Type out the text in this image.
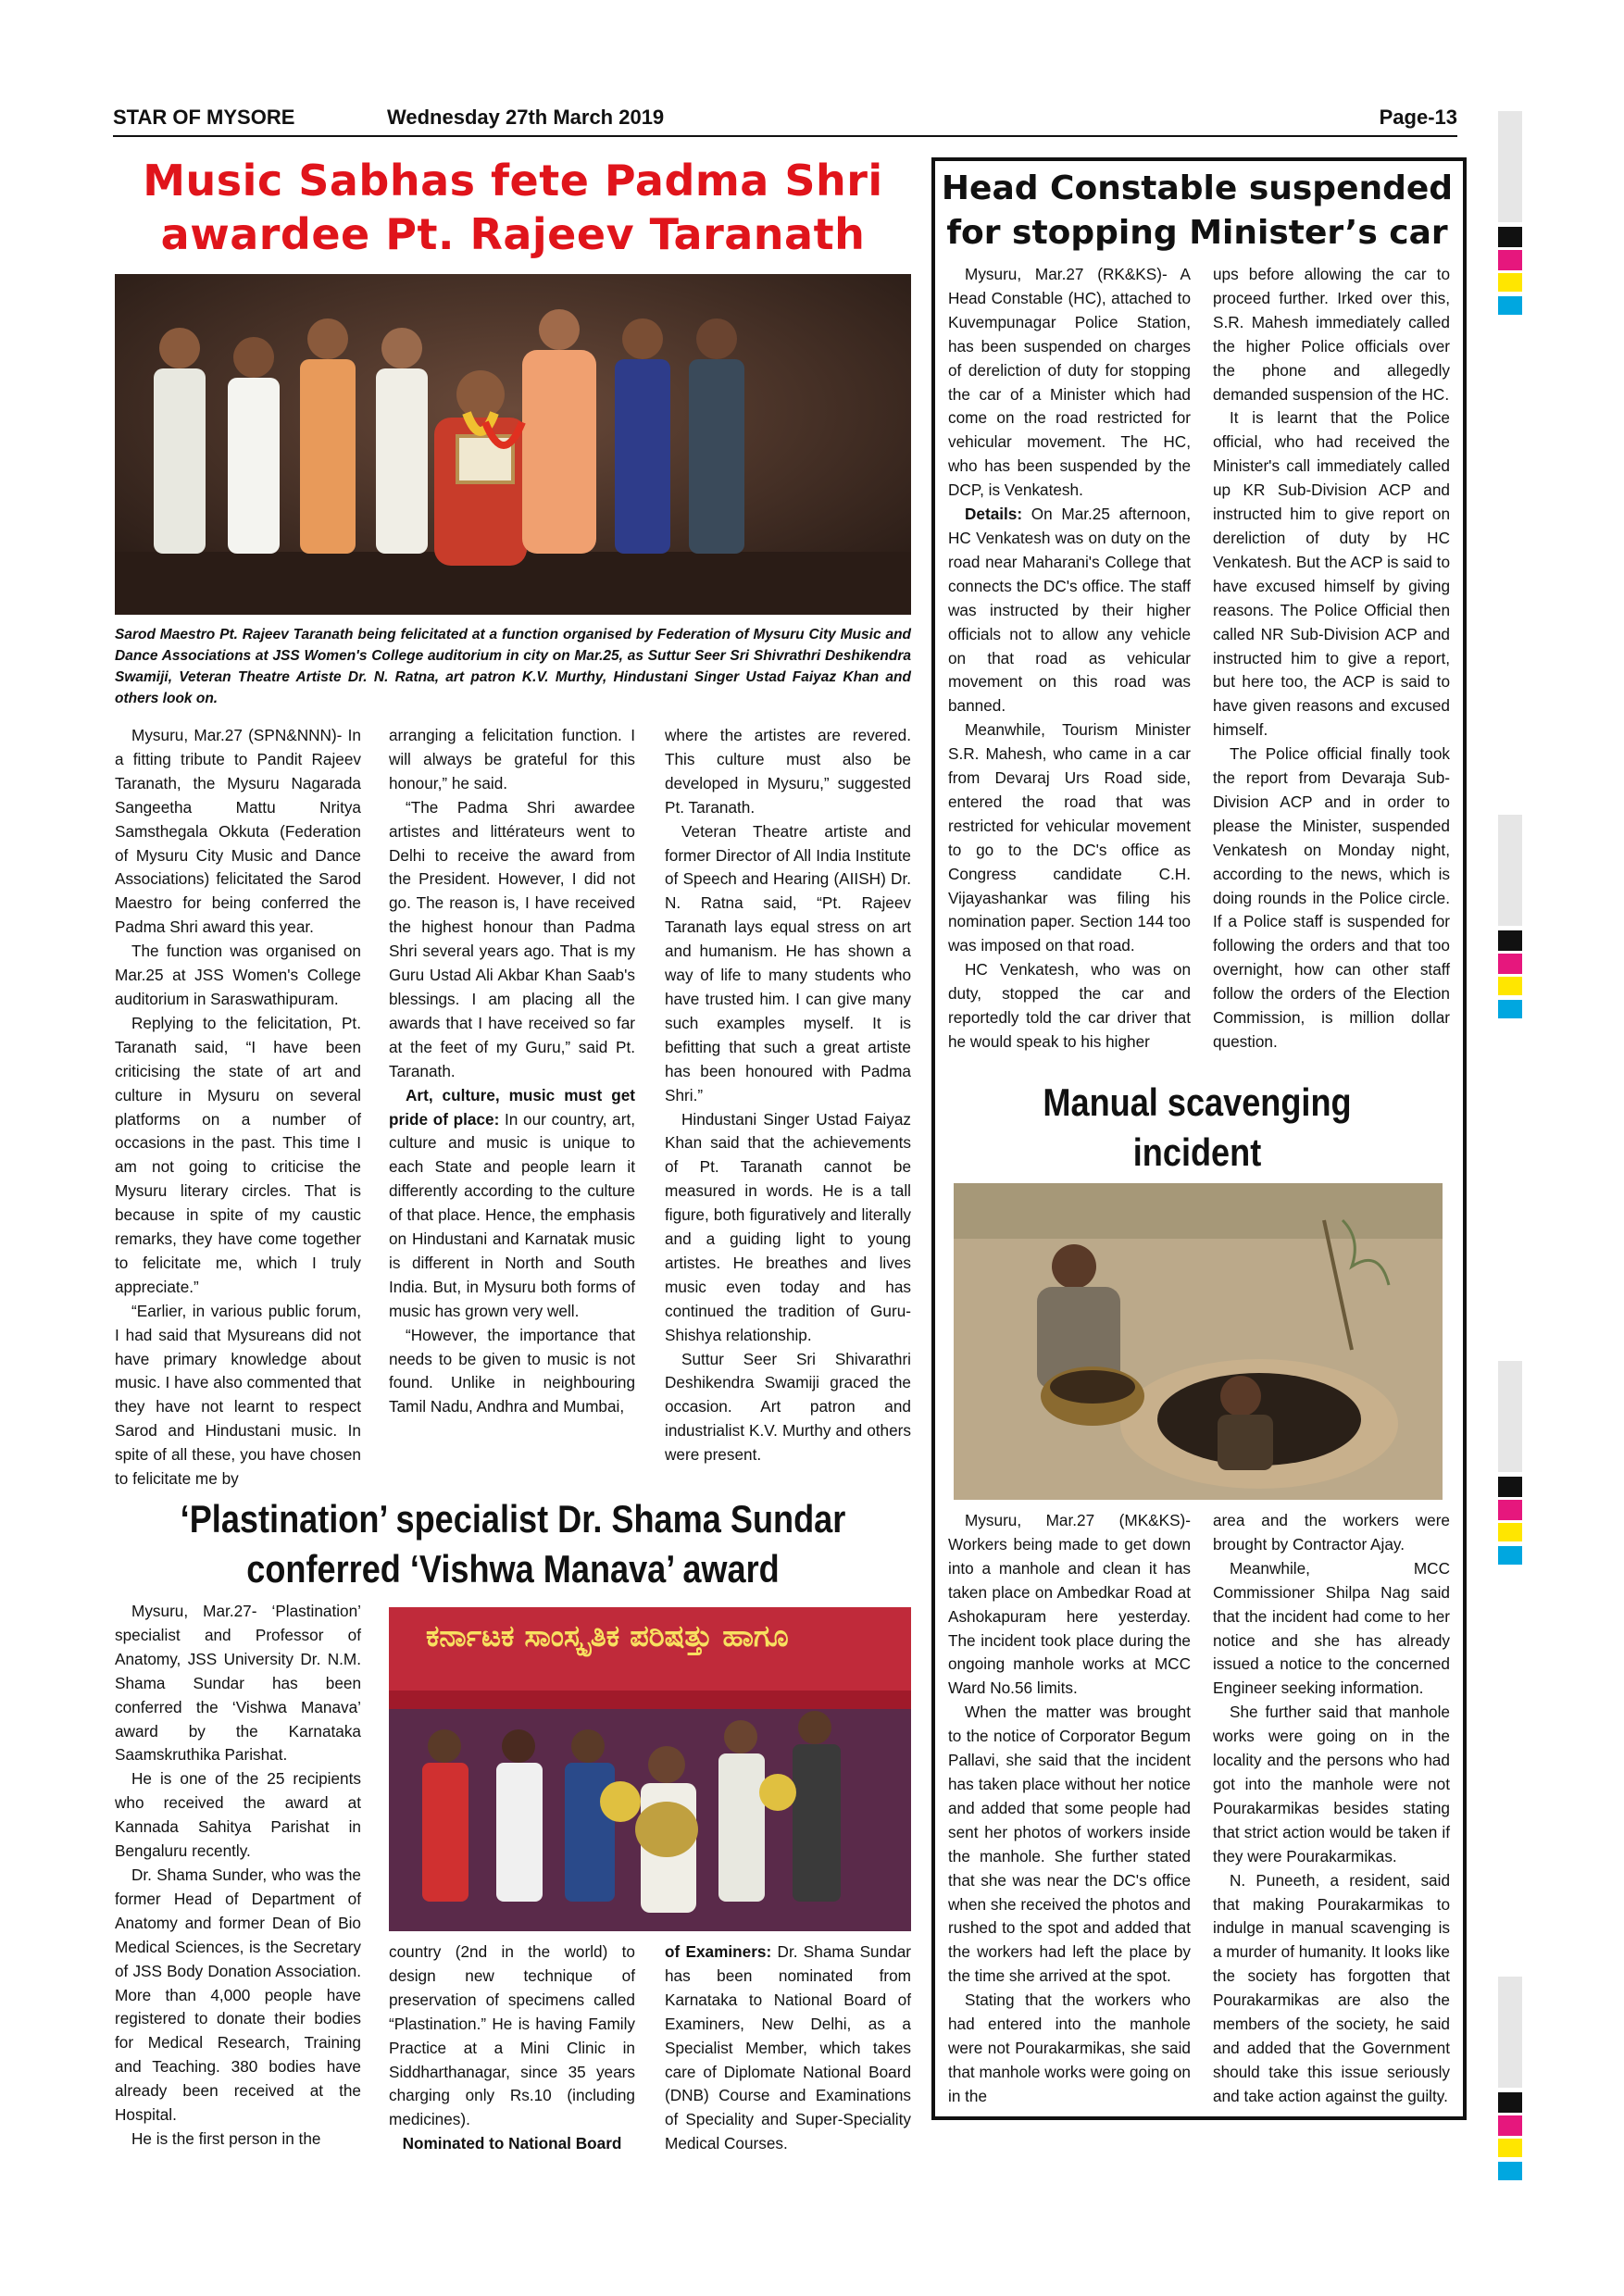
STAR OF MYSORE	Wednesday 27th March 2019	Page-13
Music Sabhas fete Padma Shri
awardee Pt. Rajeev Taranath
Sarod Maestro Pt. Rajeev Taranath being felicitated at a function organised by Federation of Mysuru City Music and Dance Associations at JSS Women's College auditorium in city on Mar.25, as Suttur Seer Sri Shivrathri Deshikendra Swamiji, Veteran Theatre Artiste Dr. N. Ratna, art patron K.V. Murthy, Hindustani Singer Ustad Faiyaz Khan and others look on.

Mysuru, Mar.27 (SPN&NNN)- In a fitting tribute to Pandit Rajeev Taranath, the Mysuru Nagarada Sangeetha Mattu Nritya Samsthegala Okkuta (Federation of Mysuru City Music and Dance Associations) felicitated the Sarod Maestro for being conferred the Padma Shri award this year.

The function was organised on Mar.25 at JSS Women's College auditorium in Saraswathipuram.

Replying to the felicitation, Pt. Taranath said, “I have been criticising the state of art and culture in Mysuru on several platforms on a number of occasions in the past. This time I am not going to criticise the Mysuru literary circles. That is because in spite of my caustic remarks, they have come together to felicitate me, which I truly appreciate.”

“Earlier, in various public forum, I had said that Mysureans did not have primary knowledge about music. I have also commented that they have not learnt to respect Sarod and Hindustani music. In spite of all these, you have chosen to felicitate me by

arranging a felicitation function. I will always be grateful for this honour,” he said.

“The Padma Shri awardee artistes and littérateurs went to Delhi to receive the award from the President. However, I did not go. The reason is, I have received the highest honour than Padma Shri several years ago. That is my Guru Ustad Ali Akbar Khan Saab's blessings. I am placing all the awards that I have received so far at the feet of my Guru,” said Pt. Taranath.

Art, culture, music must get pride of place: In our country, art, culture and music is unique to each State and people learn it differently according to the culture of that place. Hence, the emphasis on Hindustani and Karnatak music is different in North and South India. But, in Mysuru both forms of music has grown very well.

“However, the importance that needs to be given to music is not found. Unlike in neighbouring Tamil Nadu, Andhra and Mumbai,

where the artistes are revered. This culture must also be developed in Mysuru,” suggested Pt. Taranath.

Veteran Theatre artiste and former Director of All India Institute of Speech and Hearing (AIISH) Dr. N. Ratna said, “Pt. Rajeev Taranath lays equal stress on art and humanism. He has shown a way of life to many students who have trusted him. I can give many such examples myself. It is befitting that such a great artiste has been honoured with Padma Shri.”

Hindustani Singer Ustad Faiyaz Khan said that the achievements of Pt. Taranath cannot be measured in words. He is a tall figure, both figuratively and literally and a guiding light to young artistes. He breathes and lives music even today and has continued the tradition of Guru-Shishya relationship.

Suttur Seer Sri Shivarathri Deshikendra Swamiji graced the occasion. Art patron and industrialist K.V. Murthy and others were present.

Head Constable suspended
for stopping Minister’s car

Mysuru, Mar.27 (RK&KS)- A Head Constable (HC), attached to Kuvempunagar Police Station, has been suspended on charges of dereliction of duty for stopping the car of a Minister which had come on the road restricted for vehicular movement. The HC, who has been suspended by the DCP, is Venkatesh.

Details: On Mar.25 afternoon, HC Venkatesh was on duty on the road near Maharani's College that connects the DC's office. The staff was instructed by their higher officials not to allow any vehicle on that road as vehicular movement on this road was banned.

Meanwhile, Tourism Minister S.R. Mahesh, who came in a car from Devaraj Urs Road side, entered the road that was restricted for vehicular movement to go to the DC's office as Congress candidate C.H. Vijayashankar was filing his nomination paper. Section 144 too was imposed on that road.

HC Venkatesh, who was on duty, stopped the car and reportedly told the car driver that he would speak to his higher

ups before allowing the car to proceed further. Irked over this, S.R. Mahesh immediately called the higher Police officials over the phone and allegedly demanded suspension of the HC.

It is learnt that the Police official, who had received the Minister's call immediately called up KR Sub-Division ACP and instructed him to give report on dereliction of duty by HC Venkatesh. But the ACP is said to have excused himself by giving reasons. The Police Official then called NR Sub-Division ACP and instructed him to give a report, but here too, the ACP is said to have given reasons and excused himself.

The Police official finally took the report from Devaraja Sub-Division ACP and in order to please the Minister, suspended Venkatesh on Monday night, according to the news, which is doing rounds in the Police circle. If a Police staff is suspended for following the orders and that too overnight, how can other staff follow the orders of the Election Commission, is million dollar question.

Manual scavenging incident

Mysuru, Mar.27 (MK&KS)- Workers being made to get down into a manhole and clean it has taken place on Ambedkar Road at Ashokapuram here yesterday. The incident took place during the ongoing manhole works at MCC Ward No.56 limits.

When the matter was brought to the notice of Corporator Begum Pallavi, she said that the incident has taken place without her notice and added that some people had sent her photos of workers inside the manhole. She further stated that she was near the DC's office when she received the photos and rushed to the spot and added that the workers had left the place by the time she arrived at the spot.

Stating that the workers who had entered into the manhole were not Pourakarmikas, she said that manhole works were going on in the

area and the workers were brought by Contractor Ajay.

Meanwhile, MCC Commissioner Shilpa Nag said that the incident had come to her notice and she has already issued a notice to the concerned Engineer seeking information.

She further said that manhole works were going on in the locality and the persons who had got into the manhole were not Pourakarmikas besides stating that strict action would be taken if they were Pourakarmikas.

N. Puneeth, a resident, said that making Pourakarmikas to indulge in manual scavenging is a murder of humanity. It looks like the society has forgotten that Pourakarmikas are also the members of the society, he said and added that the Government should take this issue seriously and take action against the guilty.

‘Plastination’ specialist Dr. Shama Sundar
conferred ‘Vishwa Manava’ award

Mysuru, Mar.27- ‘Plastination’ specialist and Professor of Anatomy, JSS University Dr. N.M. Shama Sundar has been conferred the ‘Vishwa Manava’ award by the Karnataka Saamskruthika Parishat.

He is one of the 25 recipients who received the award at Kannada Sahitya Parishat in Bengaluru recently.

Dr. Shama Sunder, who was the former Head of Department of Anatomy and former Dean of Bio Medical Sciences, is the Secretary of JSS Body Donation Association. More than 4,000 people have registered to donate their bodies for Medical Research, Training and Teaching. 380 bodies have already been received at the Hospital.

He is the first person in the

ಕರ್ನಾಟಕ ಸಾಂಸ್ಕೃತಿಕ ಪರಿಷತ್ತು ಹಾಗೂ

country (2nd in the world) to design new technique of preservation of specimens called “Plastination.” He is having Family Practice at a Mini Clinic in Siddharthanagar, since 35 years charging only Rs.10 (including medicines).

Nominated to National Board

of Examiners: Dr. Shama Sundar has been nominated from Karnataka to National Board of Examiners, New Delhi, as a Specialist Member, which takes care of Diplomate National Board (DNB) Course and Examinations of Speciality and Super-Speciality Medical Courses.
